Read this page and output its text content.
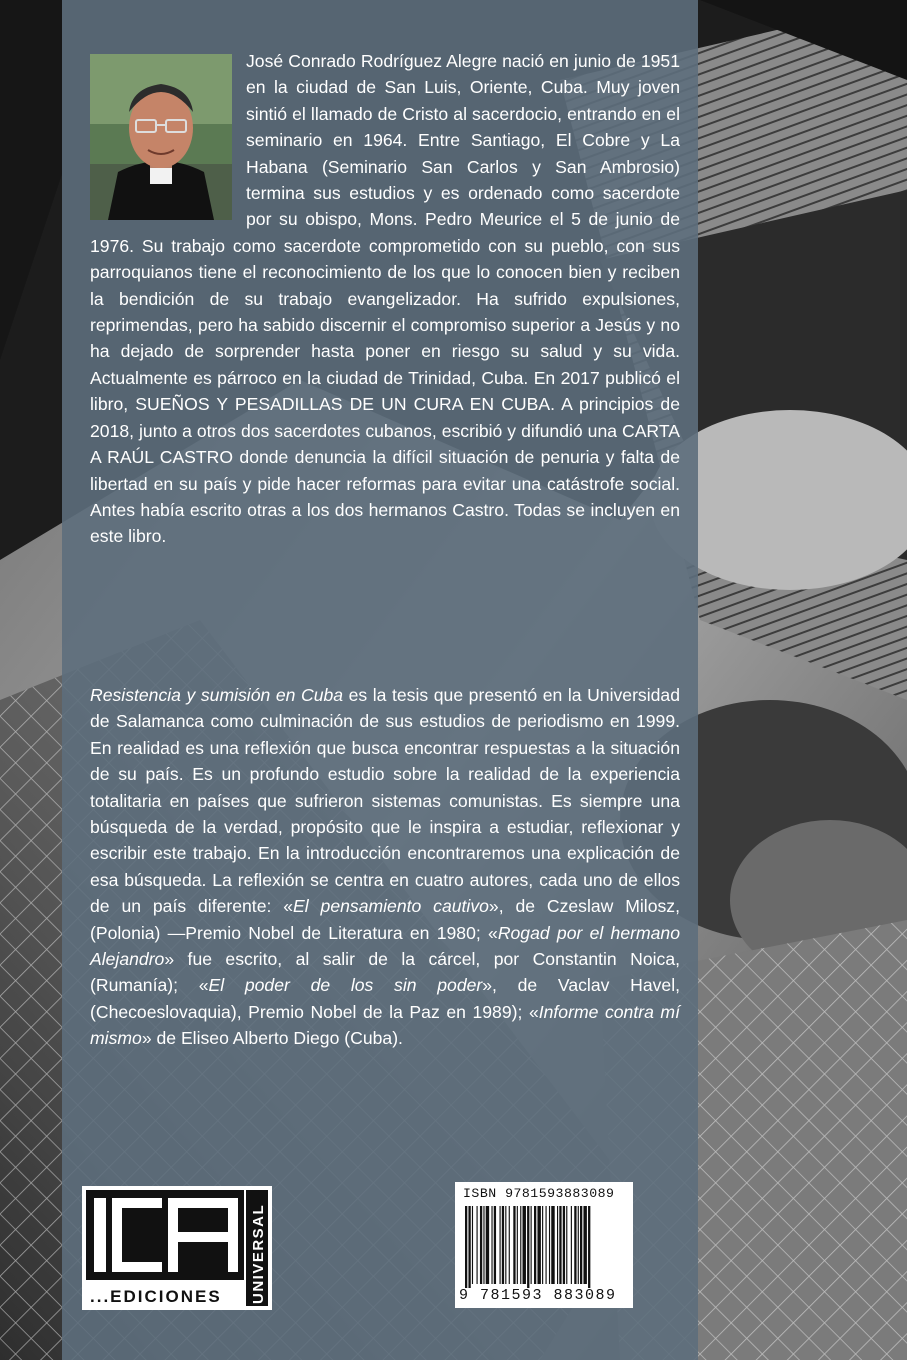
José Conrado Rodríguez Alegre nació en junio de 1951 en la ciudad de San Luis, Oriente, Cuba. Muy joven sintió el llamado de Cristo al sacerdocio, entrando en el seminario en 1964. Entre Santiago, El Cobre y La Habana (Seminario San Carlos y San Ambrosio) termina sus estudios y es ordenado como sacerdote por su obispo, Mons. Pedro Meurice el 5 de junio de 1976. Su trabajo como sacerdote comprometido con su pueblo, con sus parroquianos tiene el reconocimiento de los que lo conocen bien y reciben la bendición de su trabajo evangelizador. Ha sufrido expulsiones, reprimendas, pero ha sabido discernir el compromiso superior a Jesús y no ha dejado de sorprender hasta poner en riesgo su salud y su vida. Actualmente es párroco en la ciudad de Trinidad, Cuba. En 2017 publicó el libro, SUEÑOS Y PESADILLAS DE UN CURA EN CUBA. A principios de 2018, junto a otros dos sacerdotes cubanos, escribió y difundió una CARTA A RAÚL CASTRO donde denuncia la difícil situación de penuria y falta de libertad en su país y pide hacer reformas para evitar una catástrofe social. Antes había escrito otras a los dos hermanos Castro. Todas se incluyen en este libro.

Resistencia y sumisión en Cuba es la tesis que presentó en la Universidad de Salamanca como culminación de sus estudios de periodismo en 1999. En realidad es una reflexión que busca encontrar respuestas a la situación de su país. Es un profundo estudio sobre la realidad de la experiencia totalitaria en países que sufrieron sistemas comunistas. Es siempre una búsqueda de la verdad, propósito que le inspira a estudiar, reflexionar y escribir este trabajo. En la introducción encontraremos una explicación de esa búsqueda. La reflexión se centra en cuatro autores, cada uno de ellos de un país diferente: «El pensamiento cautivo», de Czeslaw Milosz, (Polonia) —Premio Nobel de Literatura en 1980; «Rogad por el hermano Alejandro» fue escrito, al salir de la cárcel, por Constantin Noica, (Rumanía); «El poder de los sin poder», de Vaclav Havel, (Checoeslovaquia), Premio Nobel de la Paz en 1989); «Informe contra mí mismo» de Eliseo Alberto Diego (Cuba).

...EDICIONES UNIVERSAL
ISBN 9781593883089
9 781593 883089
